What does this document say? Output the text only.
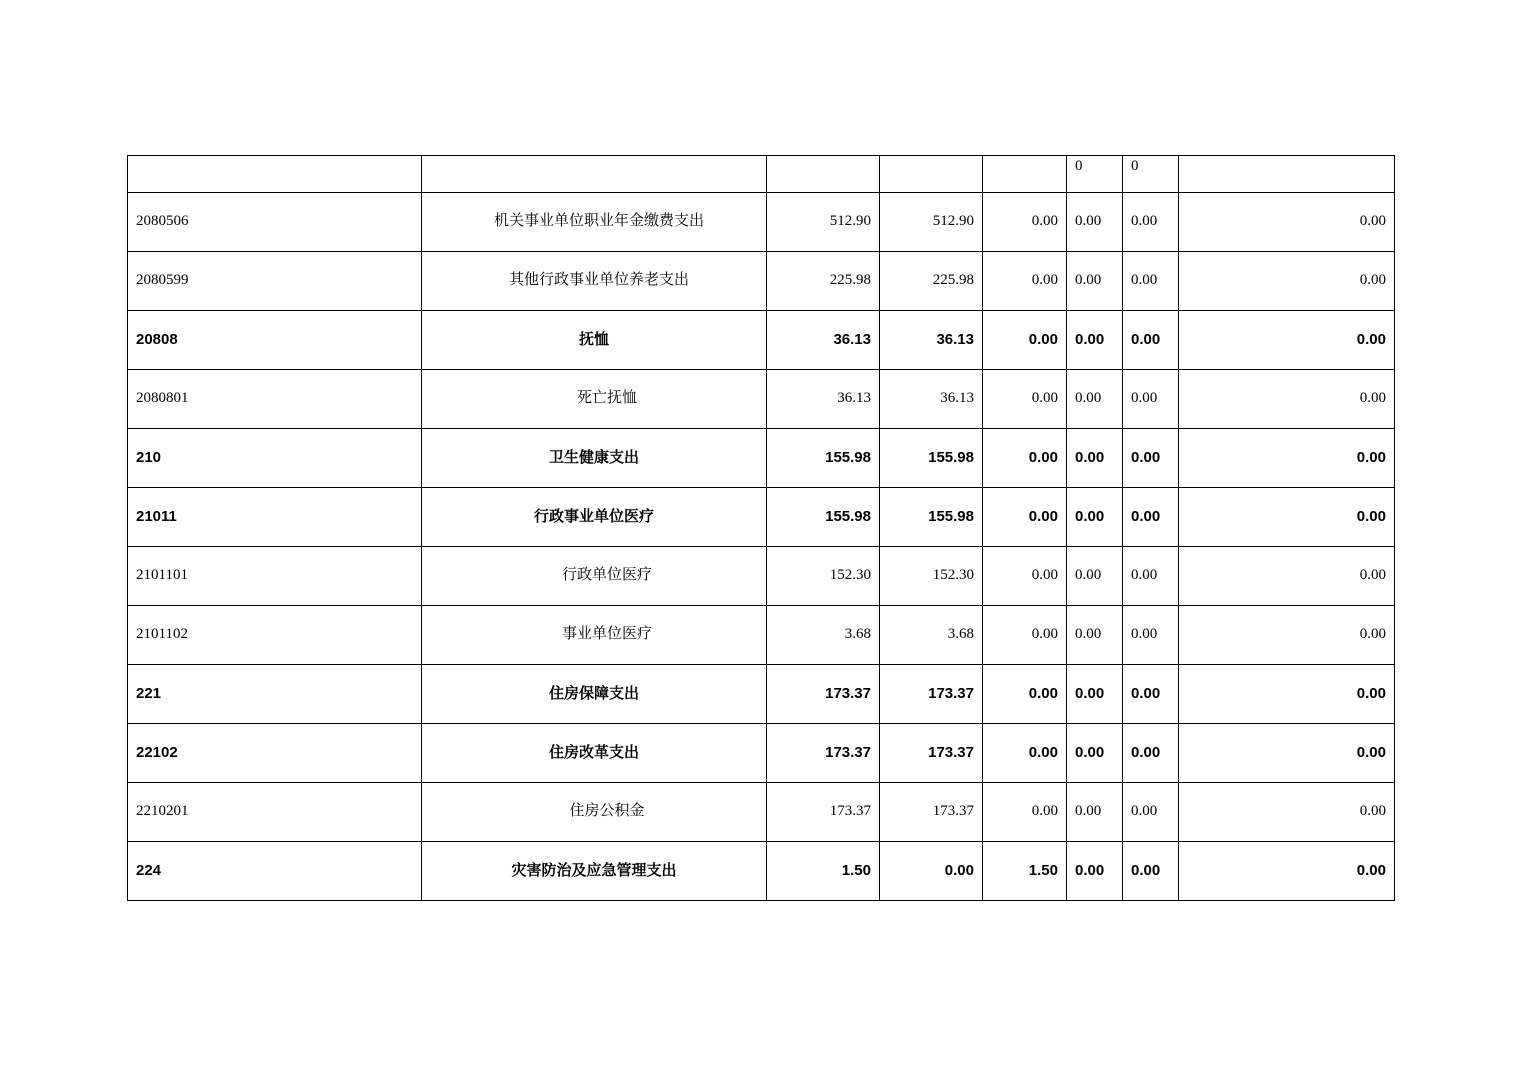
					0	0	
2080506	机关事业单位职业年金缴费支出	512.90	512.90	0.00	0.00	0.00	0.00
2080599	其他行政事业单位养老支出	225.98	225.98	0.00	0.00	0.00	0.00
20808	抚恤	36.13	36.13	0.00	0.00	0.00	0.00
2080801	死亡抚恤	36.13	36.13	0.00	0.00	0.00	0.00
210	卫生健康支出	155.98	155.98	0.00	0.00	0.00	0.00
21011	行政事业单位医疗	155.98	155.98	0.00	0.00	0.00	0.00
2101101	行政单位医疗	152.30	152.30	0.00	0.00	0.00	0.00
2101102	事业单位医疗	3.68	3.68	0.00	0.00	0.00	0.00
221	住房保障支出	173.37	173.37	0.00	0.00	0.00	0.00
22102	住房改革支出	173.37	173.37	0.00	0.00	0.00	0.00
2210201	住房公积金	173.37	173.37	0.00	0.00	0.00	0.00
224	灾害防治及应急管理支出	1.50	0.00	1.50	0.00	0.00	0.00
